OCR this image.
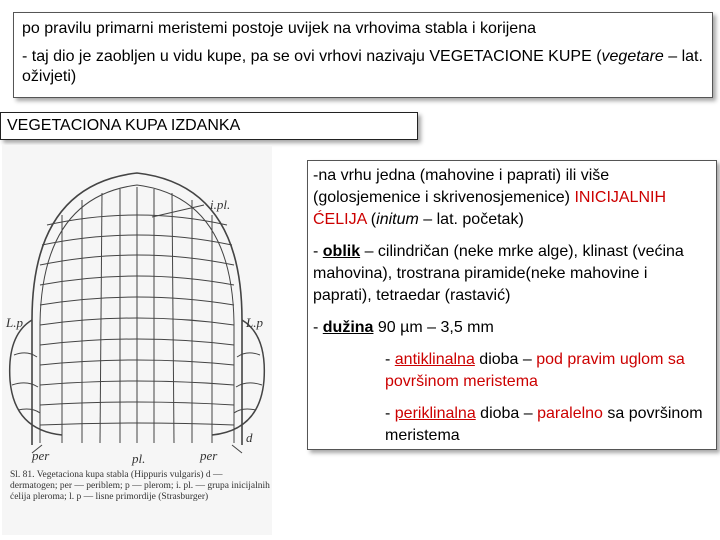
po pravilu primarni meristemi postoje uvijek na vrhovima stabla i korijena

- taj dio je zaobljen u vidu kupe, pa se ovi vrhovi nazivaju VEGETACIONE KUPE (vegetare – lat. oživjeti)

VEGETACIONA KUPA IZDANKA
i.pl.
L.p	L.p
d
per	pl.	per
Sl. 81. Vegetaciona kupa stabla (Hippuris vulgaris) d — dermatogen; per — periblem; p — plerom; i. pl. — grupa inicijalnih ćelija pleroma; l. p — lisne primordije (Strasburger)

-na vrhu jedna (mahovine i paprati) ili više (golosjemenice i skrivenosjemenice) INICIJALNIH ĆELIJA (initum – lat. početak)

- oblik – cilindričan (neke mrke alge), klinast (većina mahovina), trostrana piramide(neke mahovine i paprati), tetraedar (rastavić)

- dužina 90 µm – 3,5 mm

- antiklinalna dioba – pod pravim uglom sa površinom meristema

- periklinalna dioba – paralelno sa površinom meristema
